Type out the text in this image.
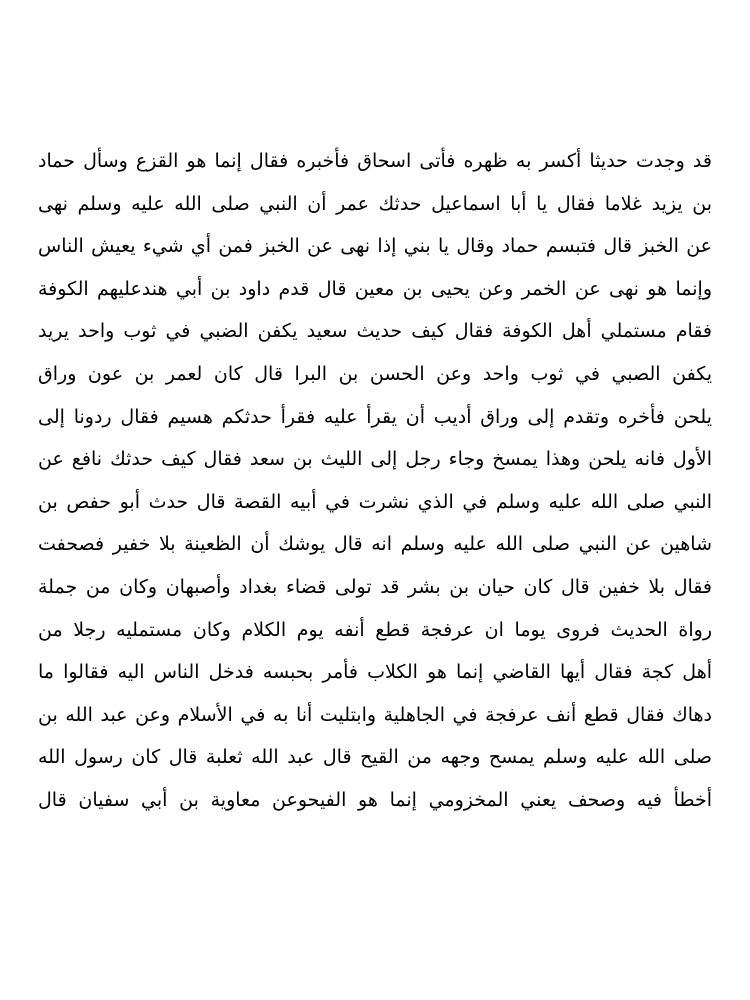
قد وجدت حديثا أكسر به ظهره فأتى اسحاق فأخبره فقال إنما هو القزع وسأل حماد
بن يزيد غلاما فقال يا أبا اسماعيل حدثك عمر أن النبي صلى الله عليه وسلم نهى
عن الخبز قال فتبسم حماد وقال يا بني إذا نهى عن الخبز فمن أي شيء يعيش الناس
وإنما هو نهى عن الخمر وعن يحيى بن معين قال قدم داود بن أبي هندعليهم الكوفة
فقام مستملي أهل الكوفة فقال كيف حديث سعيد يكفن الضبي في ثوب واحد يريد
يكفن الصبي في ثوب واحد وعن الحسن بن البرا قال كان لعمر بن عون وراق
يلحن فأخره وتقدم إلى وراق أديب أن يقرأ عليه فقرأ حدثكم هسيم فقال ردونا إلى
الأول فانه يلحن وهذا يمسخ وجاء رجل إلى الليث بن سعد فقال كيف حدثك نافع عن
النبي صلى الله عليه وسلم في الذي نشرت في أبيه القصة قال حدث أبو حفص بن
شاهين عن النبي صلى الله عليه وسلم انه قال يوشك أن الظعينة بلا خفير فصحفت
فقال بلا خفين قال كان حيان بن بشر قد تولى قضاء بغداد وأصبهان وكان من جملة
رواة الحديث فروى يوما ان عرفجة قطع أنفه يوم الكلام وكان مستمليه رجلا من
أهل كجة فقال أيها القاضي إنما هو الكلاب فأمر بحبسه فدخل الناس اليه فقالوا ما
دهاك فقال قطع أنف عرفجة في الجاهلية وابتليت أنا به في الأسلام وعن عبد الله بن
صلى الله عليه وسلم يمسح وجهه من القيح قال عبد الله ثعلبة قال كان رسول الله
أخطأ فيه وصحف يعني المخزومي إنما هو الفيحوعن معاوية بن أبي سفيان قال
